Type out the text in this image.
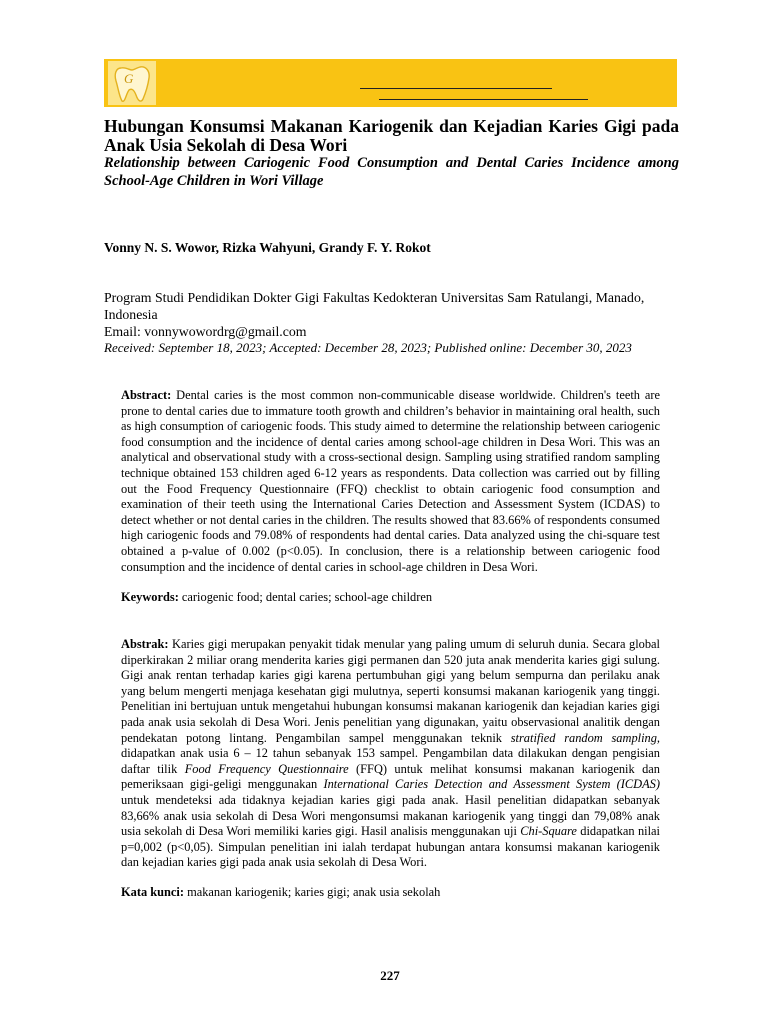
G
Hubungan Konsumsi Makanan Kariogenik dan Kejadian Karies Gigi pada Anak Usia Sekolah di Desa Wori
Relationship between Cariogenic Food Consumption and Dental Caries Incidence among School-Age Children in Wori Village
Vonny N. S. Wowor, Rizka Wahyuni, Grandy F. Y. Rokot
Program Studi Pendidikan Dokter Gigi Fakultas Kedokteran Universitas Sam Ratulangi, Manado, Indonesia
Email: vonnywowordrg@gmail.com
Received: September 18, 2023; Accepted: December 28, 2023; Published online: December 30, 2023
Abstract: Dental caries is the most common non-communicable disease worldwide. Children's teeth are prone to dental caries due to immature tooth growth and children’s behavior in maintaining oral health, such as high consumption of cariogenic foods. This study aimed to determine the relationship between cariogenic food consumption and the incidence of dental caries among school-age children in Desa Wori. This was an analytical and observational study with a cross-sectional design. Sampling using stratified random sampling technique obtained 153 children aged 6-12 years as respondents. Data collection was carried out by filling out the Food Frequency Questionnaire (FFQ) checklist to obtain cariogenic food consumption and examination of their teeth using the International Caries Detection and Assessment System (ICDAS) to detect whether or not dental caries in the children. The results showed that 83.66% of respondents consumed high cariogenic foods and 79.08% of respondents had dental caries. Data analyzed using the chi-square test obtained a p-value of 0.002 (p<0.05). In conclusion, there is a relationship between cariogenic food consumption and the incidence of dental caries in school-age children in Desa Wori.
Keywords: cariogenic food; dental caries; school-age children
Abstrak: Karies gigi merupakan penyakit tidak menular yang paling umum di seluruh dunia. Secara global diperkirakan 2 miliar orang menderita karies gigi permanen dan 520 juta anak menderita karies gigi sulung. Gigi anak rentan terhadap karies gigi karena pertumbuhan gigi yang belum sempurna dan perilaku anak yang belum mengerti menjaga kesehatan gigi mulutnya, seperti konsumsi makanan kariogenik yang tinggi. Penelitian ini bertujuan untuk mengetahui hubungan konsumsi makanan kariogenik dan kejadian karies gigi pada anak usia sekolah di Desa Wori. Jenis penelitian yang digunakan, yaitu observasional analitik dengan pendekatan potong lintang. Pengambilan sampel menggunakan teknik stratified random sampling, didapatkan anak usia 6 – 12 tahun sebanyak 153 sampel. Pengambilan data dilakukan dengan pengisian daftar tilik Food Frequency Questionnaire (FFQ) untuk melihat konsumsi makanan kariogenik dan pemeriksaan gigi-geligi menggunakan International Caries Detection and Assessment System (ICDAS) untuk mendeteksi ada tidaknya kejadian karies gigi pada anak. Hasil penelitian didapatkan sebanyak 83,66% anak usia sekolah di Desa Wori mengonsumsi makanan kariogenik yang tinggi dan 79,08% anak usia sekolah di Desa Wori memiliki karies gigi. Hasil analisis menggunakan uji Chi-Square didapatkan nilai p=0,002 (p<0,05). Simpulan penelitian ini ialah terdapat hubungan antara konsumsi makanan kariogenik dan kejadian karies gigi pada anak usia sekolah di Desa Wori.
Kata kunci: makanan kariogenik; karies gigi; anak usia sekolah
227
